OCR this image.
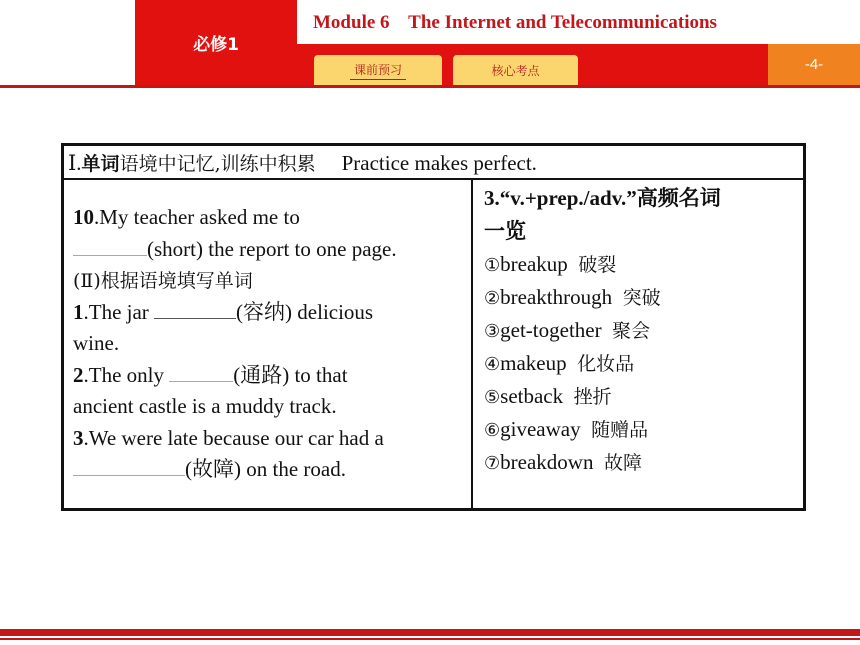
必修1
Module 6    The Internet and Telecommunications
课前预习	核心考点	-4-
Ⅰ.单词语境中记忆,训练中积累 Practice makes perfect.
10.My teacher asked me to
(short) the report to one page.
(Ⅱ)根据语境填写单词
1.The jar	(容纳) delicious
wine.
2.The only	(通路) to that
ancient castle is a muddy track.
3.We were late because our car had a
(故障) on the road.
3.“v.+prep./adv.”高频名词
一览
①breakup 破裂
②breakthrough 突破
③get-together 聚会
④makeup 化妆品
⑤setback 挫折
⑥giveaway 随赠品
⑦breakdown 故障
